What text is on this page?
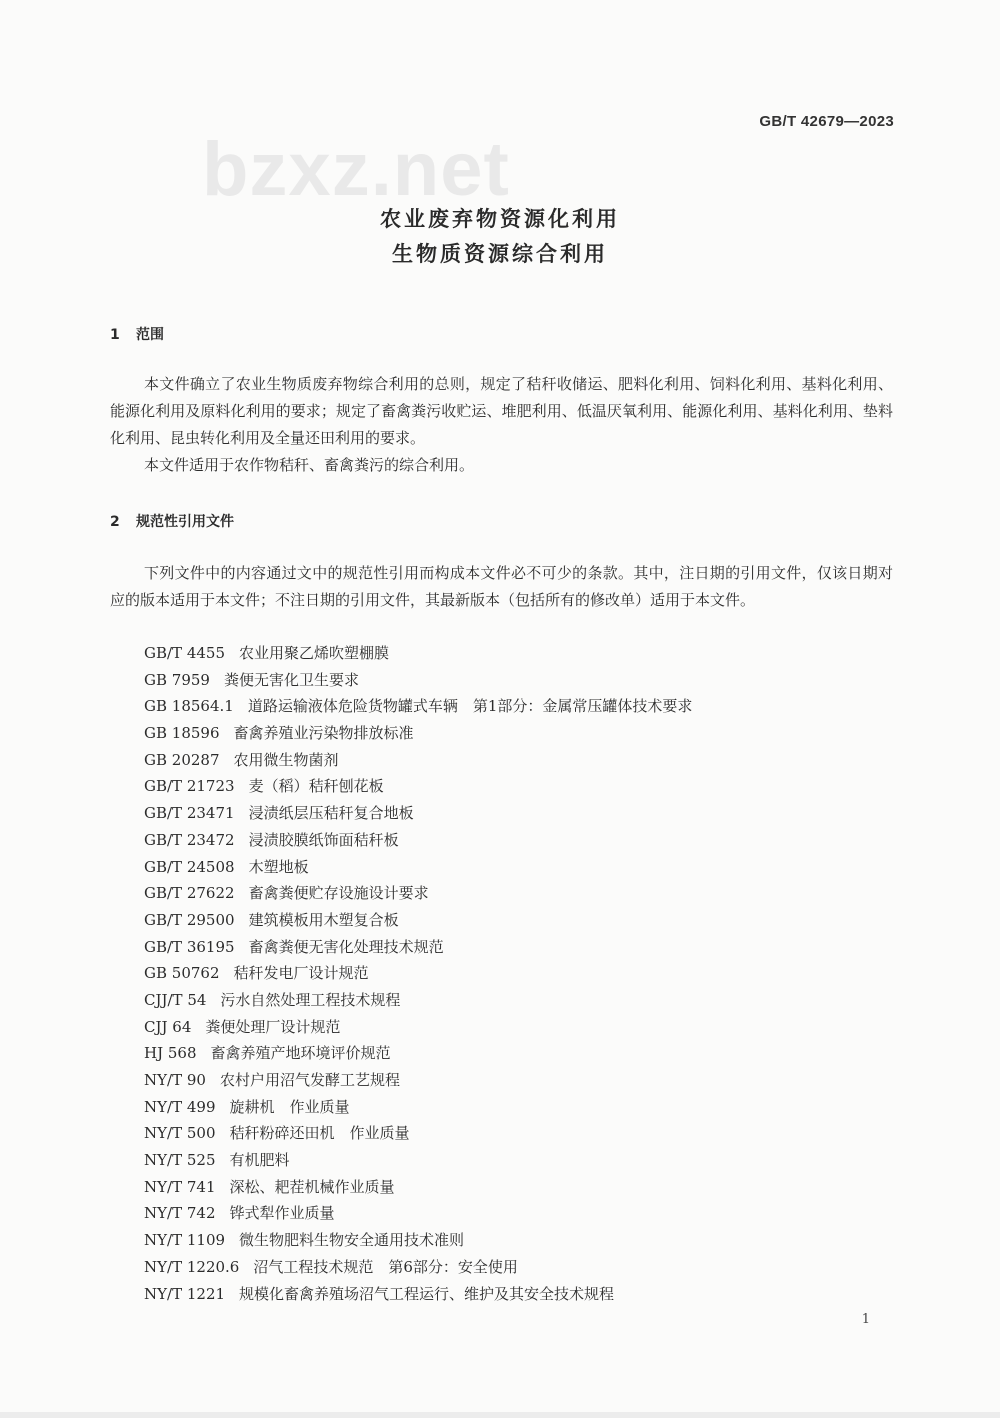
GB/T 42679—2023
bzxz.net
农业废弃物资源化利用
生物质资源综合利用
1 范围
本文件确立了农业生物质废弃物综合利用的总则，规定了秸秆收储运、肥料化利用、饲料化利用、基料化利用、能源化利用及原料化利用的要求；规定了畜禽粪污收贮运、堆肥利用、低温厌氧利用、能源化利用、基料化利用、垫料化利用、昆虫转化利用及全量还田利用的要求。
本文件适用于农作物秸秆、畜禽粪污的综合利用。
2 规范性引用文件
下列文件中的内容通过文中的规范性引用而构成本文件必不可少的条款。其中，注日期的引用文件，仅该日期对应的版本适用于本文件；不注日期的引用文件，其最新版本（包括所有的修改单）适用于本文件。
GB/T 4455 农业用聚乙烯吹塑棚膜
GB 7959 粪便无害化卫生要求
GB 18564.1 道路运输液体危险货物罐式车辆　第1部分：金属常压罐体技术要求
GB 18596 畜禽养殖业污染物排放标准
GB 20287 农用微生物菌剂
GB/T 21723 麦（稻）秸秆刨花板
GB/T 23471 浸渍纸层压秸秆复合地板
GB/T 23472 浸渍胶膜纸饰面秸秆板
GB/T 24508 木塑地板
GB/T 27622 畜禽粪便贮存设施设计要求
GB/T 29500 建筑模板用木塑复合板
GB/T 36195 畜禽粪便无害化处理技术规范
GB 50762 秸秆发电厂设计规范
CJJ/T 54 污水自然处理工程技术规程
CJJ 64 粪便处理厂设计规范
HJ 568 畜禽养殖产地环境评价规范
NY/T 90 农村户用沼气发酵工艺规程
NY/T 499 旋耕机　作业质量
NY/T 500 秸秆粉碎还田机　作业质量
NY/T 525 有机肥料
NY/T 741 深松、耙茬机械作业质量
NY/T 742 铧式犁作业质量
NY/T 1109 微生物肥料生物安全通用技术准则
NY/T 1220.6 沼气工程技术规范　第6部分：安全使用
NY/T 1221 规模化畜禽养殖场沼气工程运行、维护及其安全技术规程
1
